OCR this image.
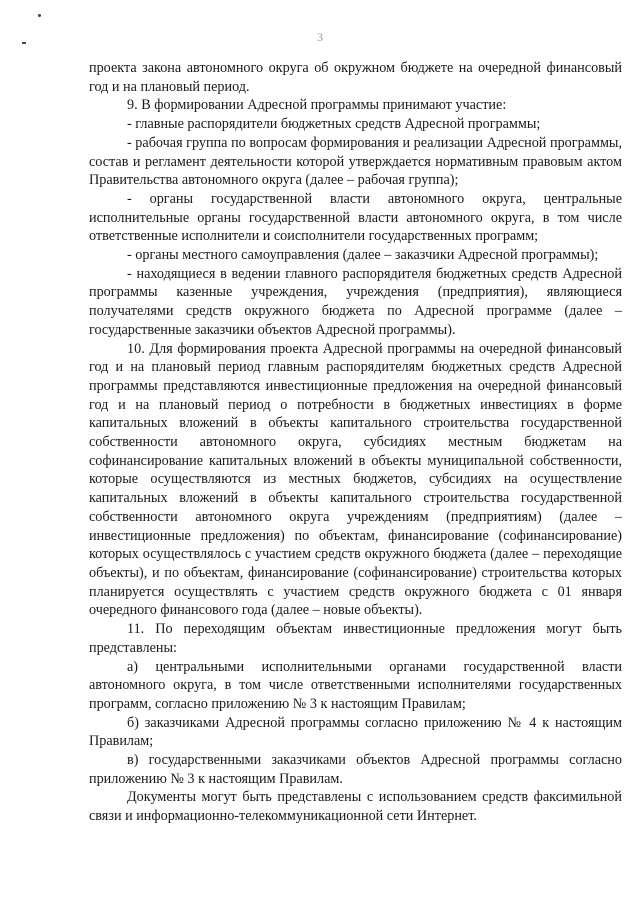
3

проекта закона автономного округа об окружном бюджете на очередной финансовый год и на плановый период.

9. В формировании Адресной программы принимают участие:

- главные распорядители бюджетных средств Адресной программы;

- рабочая группа по вопросам формирования и реализации Адресной программы, состав и регламент деятельности которой утверждается нормативным правовым актом Правительства автономного округа (далее – рабочая группа);

- органы государственной власти автономного округа, центральные исполнительные органы государственной власти автономного округа, в том числе ответственные исполнители и соисполнители государственных программ;

- органы местного самоуправления (далее – заказчики Адресной программы);

- находящиеся в ведении главного распорядителя бюджетных средств Адресной программы казенные учреждения, учреждения (предприятия), являющиеся получателями средств окружного бюджета по Адресной программе (далее – государственные заказчики объектов Адресной программы).

10. Для формирования проекта Адресной программы на очередной финансовый год и на плановый период главным распорядителям бюджетных средств Адресной программы представляются инвестиционные предложения на очередной финансовый год и на плановый период о потребности в бюджетных инвестициях в форме капитальных вложений в объекты капитального строительства государственной собственности автономного округа, субсидиях местным бюджетам на софинансирование капитальных вложений в объекты муниципальной собственности, которые осуществляются из местных бюджетов, субсидиях на осуществление капитальных вложений в объекты капитального строительства государственной собственности автономного округа учреждениям (предприятиям) (далее – инвестиционные предложения) по объектам, финансирование (софинансирование) которых осуществлялось с участием средств окружного бюджета (далее – переходящие объекты), и по объектам, финансирование (софинансирование) строительства которых планируется осуществлять с участием средств окружного бюджета с 01 января очередного финансового года (далее – новые объекты).

11. По переходящим объектам инвестиционные предложения могут быть представлены:

а) центральными исполнительными органами государственной власти автономного округа, в том числе ответственными исполнителями государственных программ, согласно приложению № 3 к настоящим Правилам;

б) заказчиками Адресной программы согласно приложению № 4 к настоящим Правилам;

в) государственными заказчиками объектов Адресной программы согласно приложению № 3 к настоящим Правилам.

Документы могут быть представлены с использованием средств факсимильной связи и информационно-телекоммуникационной сети Интернет.
